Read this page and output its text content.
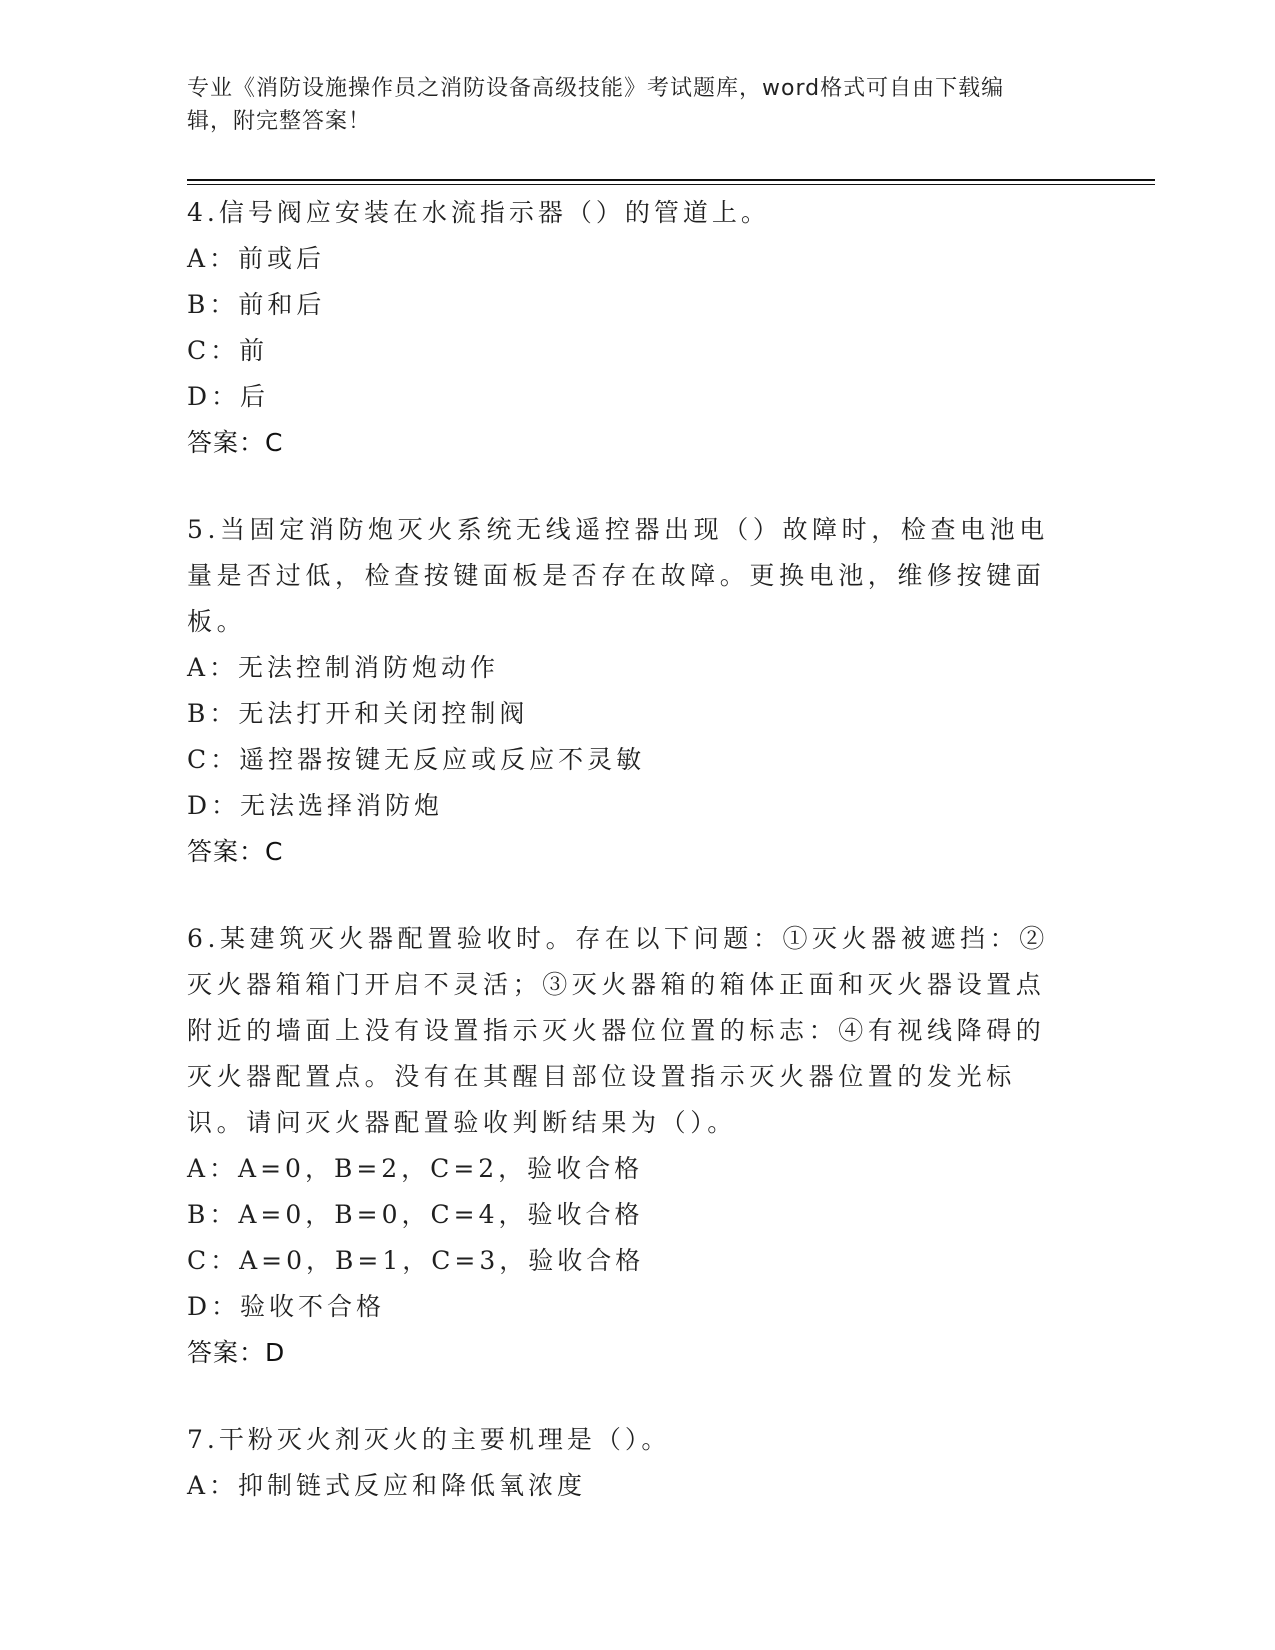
专业《消防设施操作员之消防设备高级技能》考试题库，word格式可自由下载编
辑，附完整答案！
4.信号阀应安装在水流指示器（）的管道上。
A：前或后
B：前和后
C：前
D：后
答案：C
5.当固定消防炮灭火系统无线遥控器出现（）故障时，检查电池电量是否过低，检查按键面板是否存在故障。更换电池，维修按键面板。
A：无法控制消防炮动作
B：无法打开和关闭控制阀
C：遥控器按键无反应或反应不灵敏
D：无法选择消防炮
答案：C
6.某建筑灭火器配置验收时。存在以下问题：①灭火器被遮挡：②灭火器箱箱门开启不灵活；③灭火器箱的箱体正面和灭火器设置点附近的墙面上没有设置指示灭火器位位置的标志：④有视线降碍的灭火器配置点。没有在其醒目部位设置指示灭火器位置的发光标识。请问灭火器配置验收判断结果为（）。
A：A=0，B=2，C=2，验收合格
B：A=0，B=0，C=4，验收合格
C：A=0，B=1，C=3，验收合格
D：验收不合格
答案：D
7.干粉灭火剂灭火的主要机理是（）。
A：抑制链式反应和降低氧浓度
